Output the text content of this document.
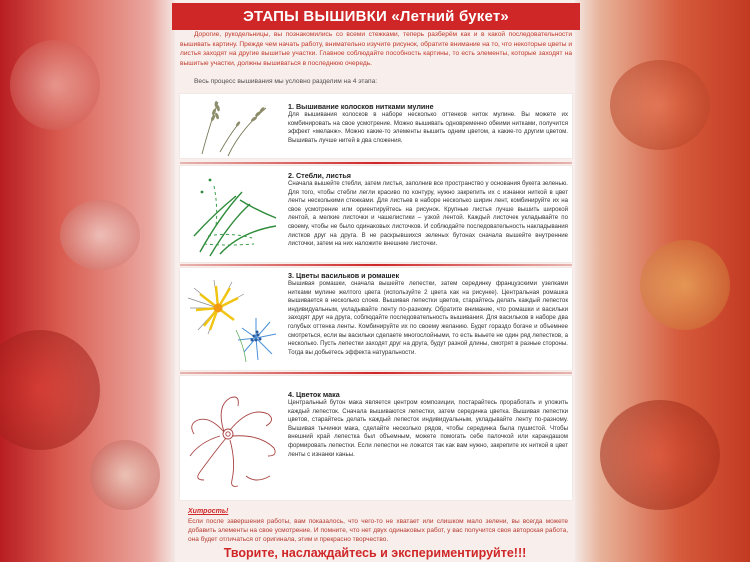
ЭТАПЫ ВЫШИВКИ «Летний букет»
Дорогие, рукодельницы, вы познакомились со всеми стежками, теперь разберём как и в какой последовательности вышивать картину. Прежде чем начать работу, внимательно изучите рисунок, обратите внимание на то, что некоторые цветы и листья заходят на другие вышитые участки. Главное соблюдайте пособность картины, то есть элементы, которые заходят на вышитые участки, должны вышиваться в последнюю очередь.
Весь процесс вышивания мы условно разделим на 4 этапа:
1. Вышивание колосков нитками мулине

Для вышивания колосков в наборе несколько оттенков ниток мулине. Вы можете их комбинировать на свое усмотрение. Можно вышивать одновременно обеими нитками, получится эффект «меланж». Можно какие-то элементы вышить одним цветом, а какие-то другим цветом. Вышивать лучше нитей в два сложения.

2. Стебли, листья

Сначала вышейте стебли, затем листья, заполнив все пространство у основания букета зеленью. Для того, чтобы стебли легли красиво по контуру, нужно закрепить их с изнанки ниткой в цвет ленты несколькими стежками. Для листьев в наборе несколько ширин лент, комбинируйте их на свое усмотрение или ориентируйтесь на рисунок. Крупные листья лучше вышить широкой лентой, а мелкие листочки и чашелистики – узкой лентой. Каждый листочек укладывайте по своему, чтобы не было одинаковых листочков. И соблюдайте последовательность накладывания листков друг на друга. В не раскрывшихся зеленых бутонах сначала вышейте внутренние листочки, затем на них наложите внешние листочки.

3. Цветы васильков и ромашек

Вышивая ромашки, сначала вышейте лепестки, затем серединку французскими узелками нитками мулине желтого цвета (используйте 2 цвета как на рисунке). Центральная ромашка вышивается в несколько слоев. Вышивая лепестки цветов, старайтесь делать каждый лепесток индивидуальным, укладывайте ленту по-разному. Обратите внимание, что ромашки и васильки заходят друг на друга, соблюдайте последовательность вышивания. Для васильков в наборе два голубых оттенка ленты. Комбинируйте их по своему желанию. Будет гораздо богаче и объемнее смотреться, если вы васильки сделаете многослойными, то есть выьете не один ряд лепестков, а несколько. Пусть лепестки заходят друг на друга, будут разной длины, смотрят в разные стороны. Тогда вы добьетесь эффекта натуральности.

4. Цветок мака

Центральный бутон мака является центром композиции, постарайтесь проработать и уложить каждый лепесток. Сначала вышиваются лепестки, затем серединка цветка. Вышивая лепестки цветов, старайтесь делать каждый лепесток индивидуальным, укладывайте ленту по-разному. Вышивая тычинки мака, сделайте несколько рядов, чтобы серединка была пушистой. Чтобы внешний край лепестка был объемным, можете помогать себе палочкой или карандашом формировать лепестки. Если лепестки не ложатся так как вам нужно, закрепите их ниткой в цвет ленты с изнанки каньы.

Хитрость!
Если после завершения работы, вам показалось, что чего-то не хватает или слишком мало зелени, вы всегда можете добавить элементы на свое усмотрение. И помните, что нет двух одинаковых работ, у вас получится своя авторская работа, она будет отличаться от оригинала, этим и прекрасно творчество.
Творите, наслаждайтесь и экспериментируйте!!!
